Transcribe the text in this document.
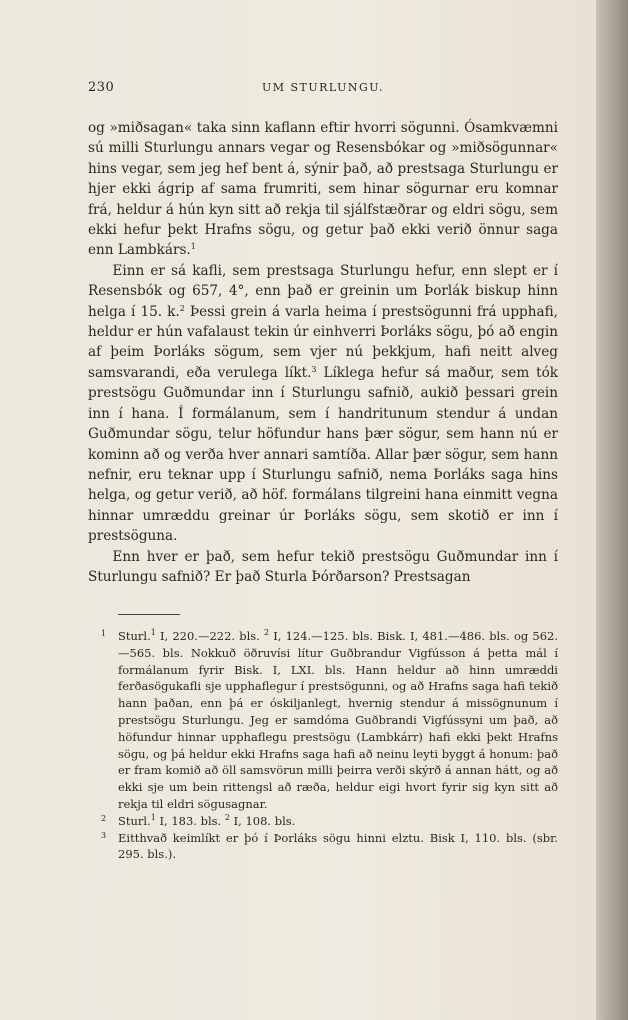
230	UM STURLUNGU.

og »miðsagan« taka sinn kaflann eftir hvorri sögunni. Ósamkvæmni sú milli Sturlungu annars vegar og Resensbókar og »miðsögunnar« hins vegar, sem jeg hef bent á, sýnir það, að prestsaga Sturlungu er hjer ekki ágrip af sama frumriti, sem hinar sögurnar eru komnar frá, heldur á hún kyn sitt að rekja til sjálfstæðrar og eldri sögu, sem ekki hefur þekt Hrafns sögu, og getur það ekki verið önnur saga enn Lambkárs.$^1$

Einn er sá kafli, sem prestsaga Sturlungu hefur, enn slept er í Resensbók og 657, 4°, enn það er greinin um Þorlák biskup hinn helga í 15. k.$^2$ Þessi grein á varla heima í prestsögunni frá upphafi, heldur er hún vafalaust tekin úr einhverri Þorláks sögu, þó að engin af þeim Þorláks sögum, sem vjer nú þekkjum, hafi neitt alveg samsvarandi, eða verulega líkt.$^3$ Líklega hefur sá maður, sem tók prestsögu Guðmundar inn í Sturlungu safnið, aukið þessari grein inn í hana. Í formálanum, sem í handritunum stendur á undan Guðmundar sögu, telur höfundur hans þær sögur, sem hann nú er kominn að og verða hver annari samtíða. Allar þær sögur, sem hann nefnir, eru teknar upp í Sturlungu safnið, nema Þorláks saga hins helga, og getur verið, að höf. formálans tilgreini hana einmitt vegna hinnar umræddu greinar úr Þorláks sögu, sem skotið er inn í prestsöguna.

Enn hver er það, sem hefur tekið prestsögu Guðmundar inn í Sturlungu safnið? Er það Sturla Þórðarson? Prestsagan

1 Sturl.$^1$ I, 220.—222. bls. $^2$ I, 124.—125. bls. Bisk. I, 481.—486. bls. og 562.—565. bls. Nokkuð öðruvísi lítur Guðbrandur Vigfússon á þetta mál í formálanum fyrir Bisk. I, LXI. bls. Hann heldur að hinn umræddi ferðasögukafli sje upphaflegur í prestsögunni, og að Hrafns saga hafi tekið hann þaðan, enn þá er óskiljanlegt, hvernig stendur á missögnunum í prestsögu Sturlungu. Jeg er samdóma Guðbrandi Vigfússyni um það, að höfundur hinnar upphaflegu prestsögu (Lambkárr) hafi ekki þekt Hrafns sögu, og þá heldur ekki Hrafns saga hafi að neinu leyti byggt á honum: það er fram komið að öll samsvörun milli þeirra verði skýrð á annan hátt, og að ekki sje um bein rittengsl að ræða, heldur eigi hvort fyrir sig kyn sitt að rekja til eldri sögusagnar.
2 Sturl.$^1$ I, 183. bls. $^2$ I, 108. bls.
3 Eitthvað keimlíkt er þó í Þorláks sögu hinni elztu. Bisk I, 110. bls. (sbr. 295. bls.).
